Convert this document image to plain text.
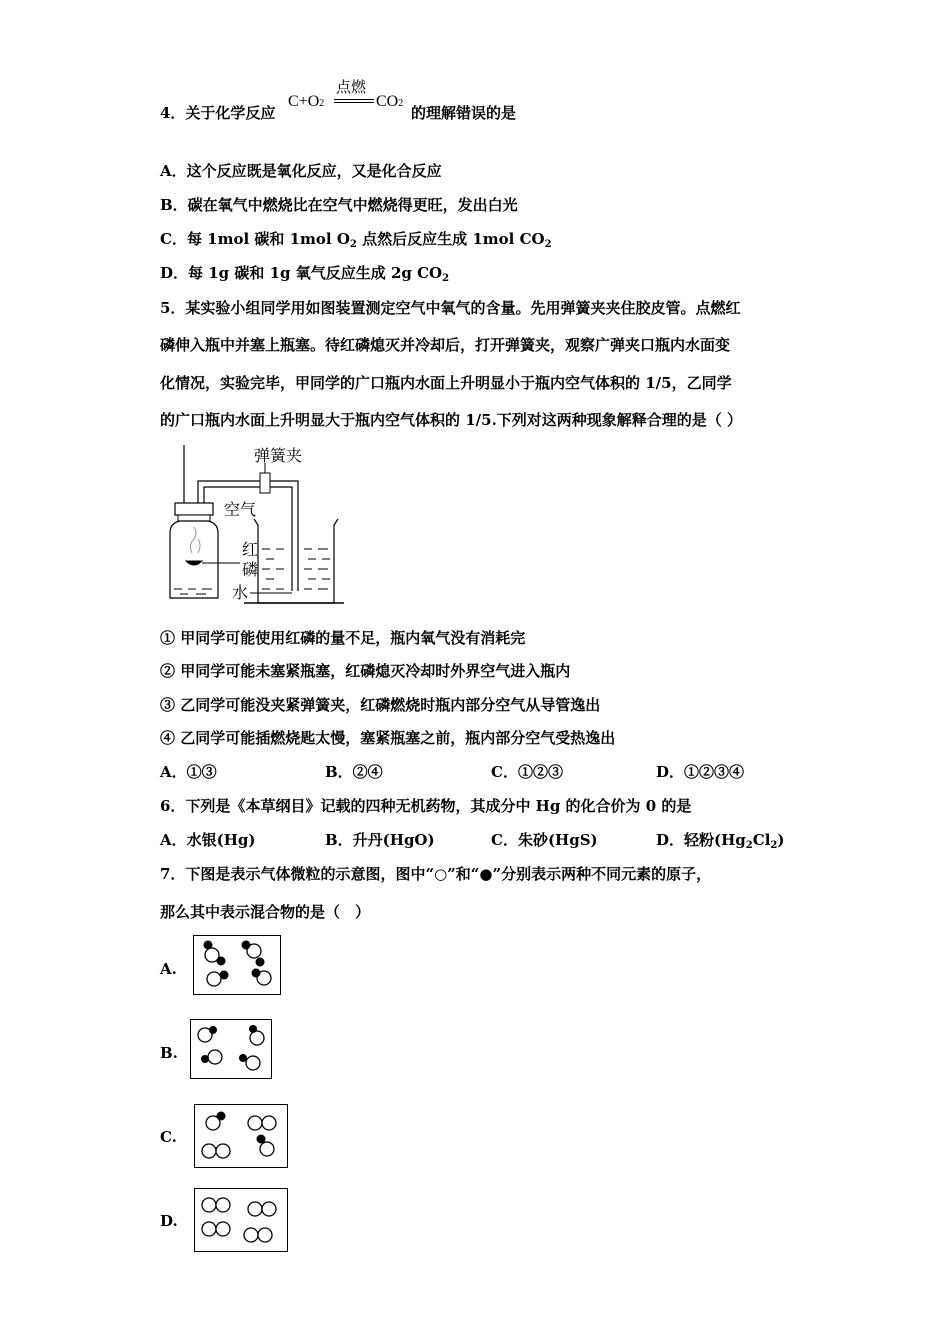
4．关于化学反应
C+O2
点燃
CO2
的理解错误的是
A．这个反应既是氧化反应，又是化合反应
B．碳在氧气中燃烧比在空气中燃烧得更旺，发出白光
C．每 1mol 碳和 1mol $O_2$ 点然后反应生成 1mol $CO_2$
D．每 1g 碳和 1g 氧气反应生成 2g $CO_2$
5．某实验小组同学用如图装置测定空气中氧气的含量。先用弹簧夹夹住胶皮管。点燃红
磷伸入瓶中并塞上瓶塞。待红磷熄灭并冷却后，打开弹簧夹，观察广弹夹口瓶内水面变
化情况，实验完毕，甲同学的广口瓶内水面上升明显小于瓶内空气体积的 1/5，乙同学
的广口瓶内水面上升明显大于瓶内空气体积的 1/5.下列对这两种现象解释合理的是（ ）
弹簧夹
空气
红
磷
水
① 甲同学可能使用红磷的量不足，瓶内氧气没有消耗完
② 甲同学可能未塞紧瓶塞，红磷熄灭冷却时外界空气进入瓶内
③ 乙同学可能没夹紧弹簧夹，红磷燃烧时瓶内部分空气从导管逸出
④ 乙同学可能插燃烧匙太慢，塞紧瓶塞之前，瓶内部分空气受热逸出
A．①③	B．②④	C．①②③	D．①②③④
6．下列是《本草纲目》记载的四种无机药物，其成分中 Hg 的化合价为 0 的是
A．水银(Hg)	B．升丹(HgO)	C．朱砂(HgS)	D．轻粉$(Hg_2Cl_2)$
7．下图是表示气体微粒的示意图，图中“○”和“●”分别表示两种不同元素的原子，
那么其中表示混合物的是（　）
A.
B.
C.
D.
